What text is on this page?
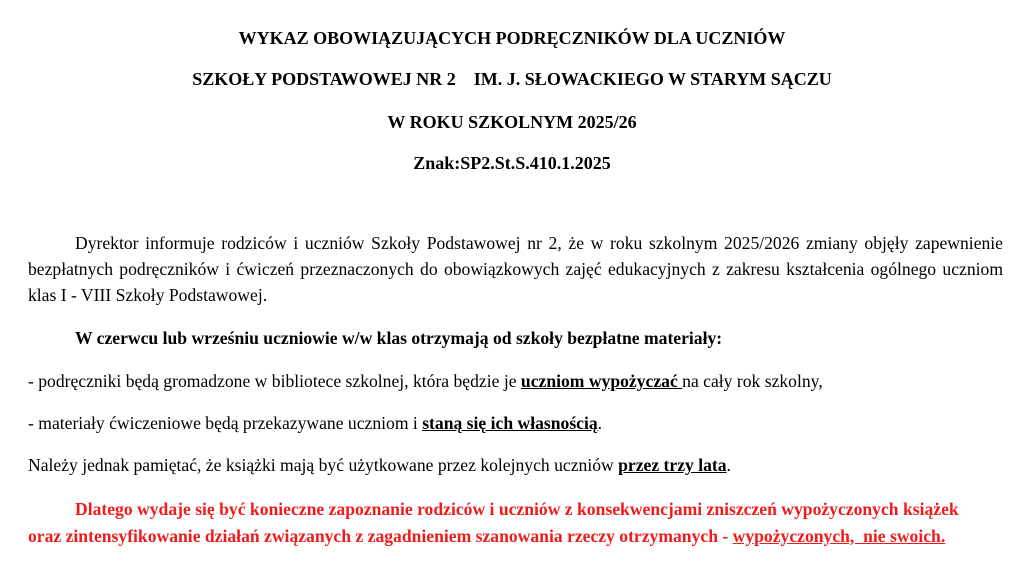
WYKAZ OBOWIĄZUJĄCYCH PODRĘCZNIKÓW DLA UCZNIÓW
SZKOŁY PODSTAWOWEJ NR 2    IM. J. SŁOWACKIEGO W STARYM SĄCZU
W ROKU SZKOLNYM 2025/26
Znak:SP2.St.S.410.1.2025
Dyrektor informuje rodziców i uczniów Szkoły Podstawowej nr 2, że w roku szkolnym 2025/2026 zmiany objęły zapewnienie bezpłatnych podręczników i ćwiczeń przeznaczonych do obowiązkowych zajęć edukacyjnych z zakresu kształcenia ogólnego uczniom klas I - VIII Szkoły Podstawowej.
W czerwcu lub wrześniu uczniowie w/w klas otrzymają od szkoły bezpłatne materiały:
- podręczniki będą gromadzone w bibliotece szkolnej, która będzie je uczniom wypożyczać na cały rok szkolny,
- materiały ćwiczeniowe będą przekazywane uczniom i staną się ich własnością.
Należy jednak pamiętać, że książki mają być użytkowane przez kolejnych uczniów przez trzy lata.
Dlatego wydaje się być konieczne zapoznanie rodziców i uczniów z konsekwencjami zniszczeń wypożyczonych książek oraz zintensyfikowanie działań związanych z zagadnieniem szanowania rzeczy otrzymanych - wypożyczonych,  nie swoich.
